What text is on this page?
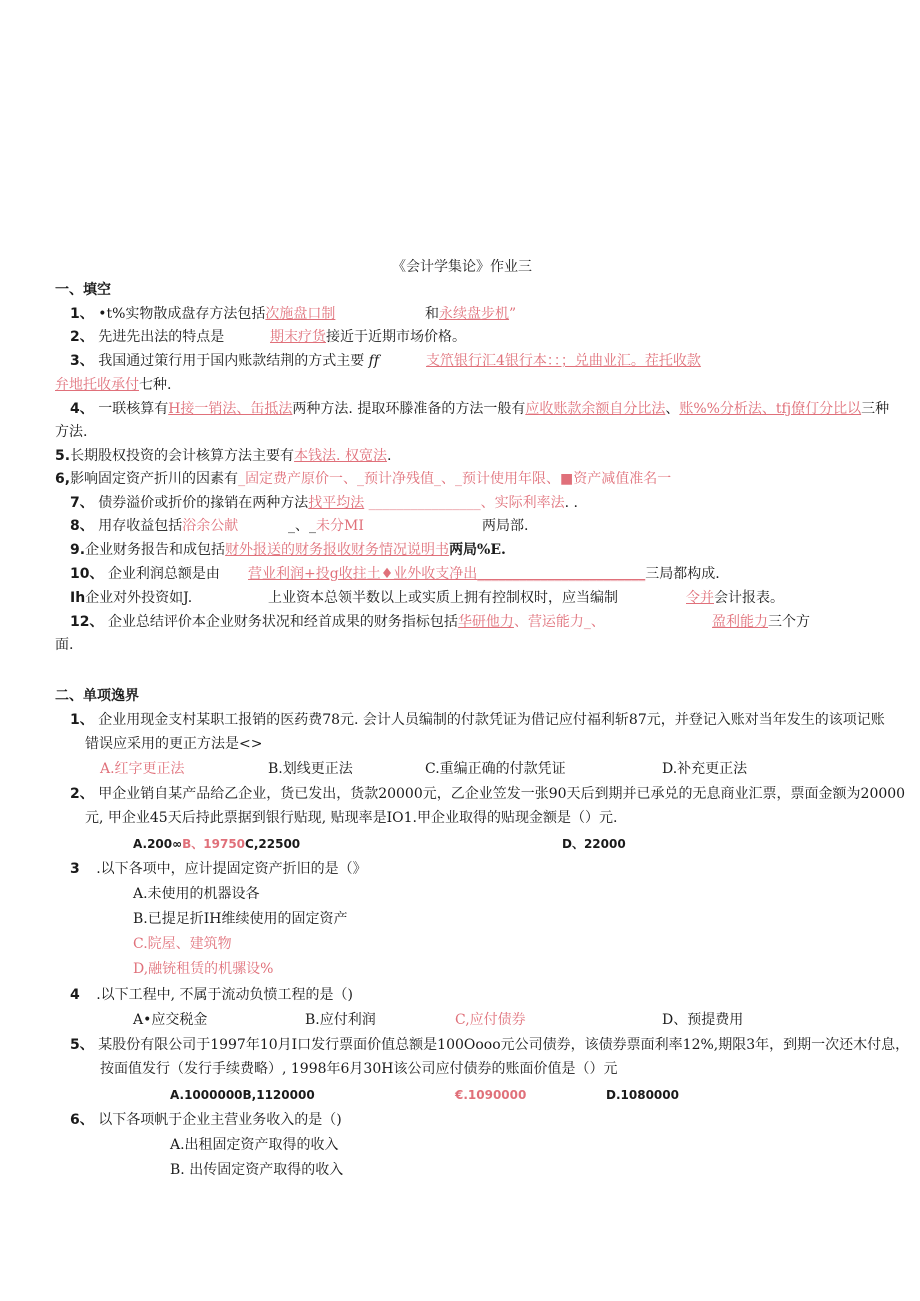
《会计学集论》作业三
一、填空
1、 •t%实物散成盘存方法包括次施盘口制	和永续盘步机”
2、 先进先出法的特点是	期末疗货接近于近期市场价格。
3、 我国通过策行用于国内账款结荆的方式主要 𝑓𝑓	支笊银行汇4银行本：：；兑曲业汇。茬托收款
弁地托收承付七种.
4、 一联核算有H接一销法、缶抵法两种方法. 提取环滕准备的方法一般有应收账款余额自分比法、账%%分析法、tfj僚仃分比以三种
方法.
5.长期股权投资的会计核算方法主要有本钱法. 权宽法.
6,影响固定资产折川的因素有_固定费产原价一、_预计净残值_、_预计使用年限、■资产减值准名一
7、 债券溢价或折价的掾销在两种方法找平均法 ________________、实际利率法. .
8、 用存收益包括浴余公献	_、_未分MI	两局部.
9.企业财务报告和成包括财外报送的财务报收财务情况说明书两局%E.
10、 企业利润总额是由 营业利润+投g收拄土♦业外收支净出________________________三局都构成.
Ih企业对外投资如J.	上业资本总领半数以上或实质上拥有控制权时，应当编制	令并会计报表。
12、 企业总结评价本企业财务状况和经首成果的财务指标包括华研他力、营运能力_、	盈利能力三个方
面.
二、单项逸界
1、 企业用现金支村某职工报销的医药费78元. 会计人员编制的付款凭证为借记应付福利斩87元，并登记入账对当年发生的该项记账
错误应采用的更正方法是<>
A.红字更正法	B.划线更正法	C.重编正确的付款凭证	D.补充更正法
2、 甲企业销自某产品给乙企业，货已发出，货款20000元，乙企业笠发一张90天后到期并已承兑的无息商业汇票，票面金额为20000
元, 甲企业45天后持此票据到银行贴现, 贴现率是IO1.甲企业取得的贴现金额是（）元.
A.200∞B、19750C,22500	D、22000
3 .以下各项中，应计提固定资产折旧的是（》
A.未使用的机器设各
B.已提足折IH维续使用的固定资产
C.院屋、建筑物
D,融铳租赁的机骡设%
4 .以下工程中, 不属于流动负愤工程的是（)
A•应交税金	B.应付利润	C,应付债券	D、预提费用
5、 某股份有限公司于1997年10月I口发行票面价值总额是100Oooo元公司债券，该债券票面利率12%,期限3年，到期一次还木付息，
按面值发行（发行手续费略）, 1998年6月30H该公司应付债券的账面价值是（）元
A.1000000B,1120000	€.1090000	D.1080000
6、 以下各项帆于企业主营业务收入的是（)
A.出租固定资产取得的收入
B. 出传固定资产取得的收入
